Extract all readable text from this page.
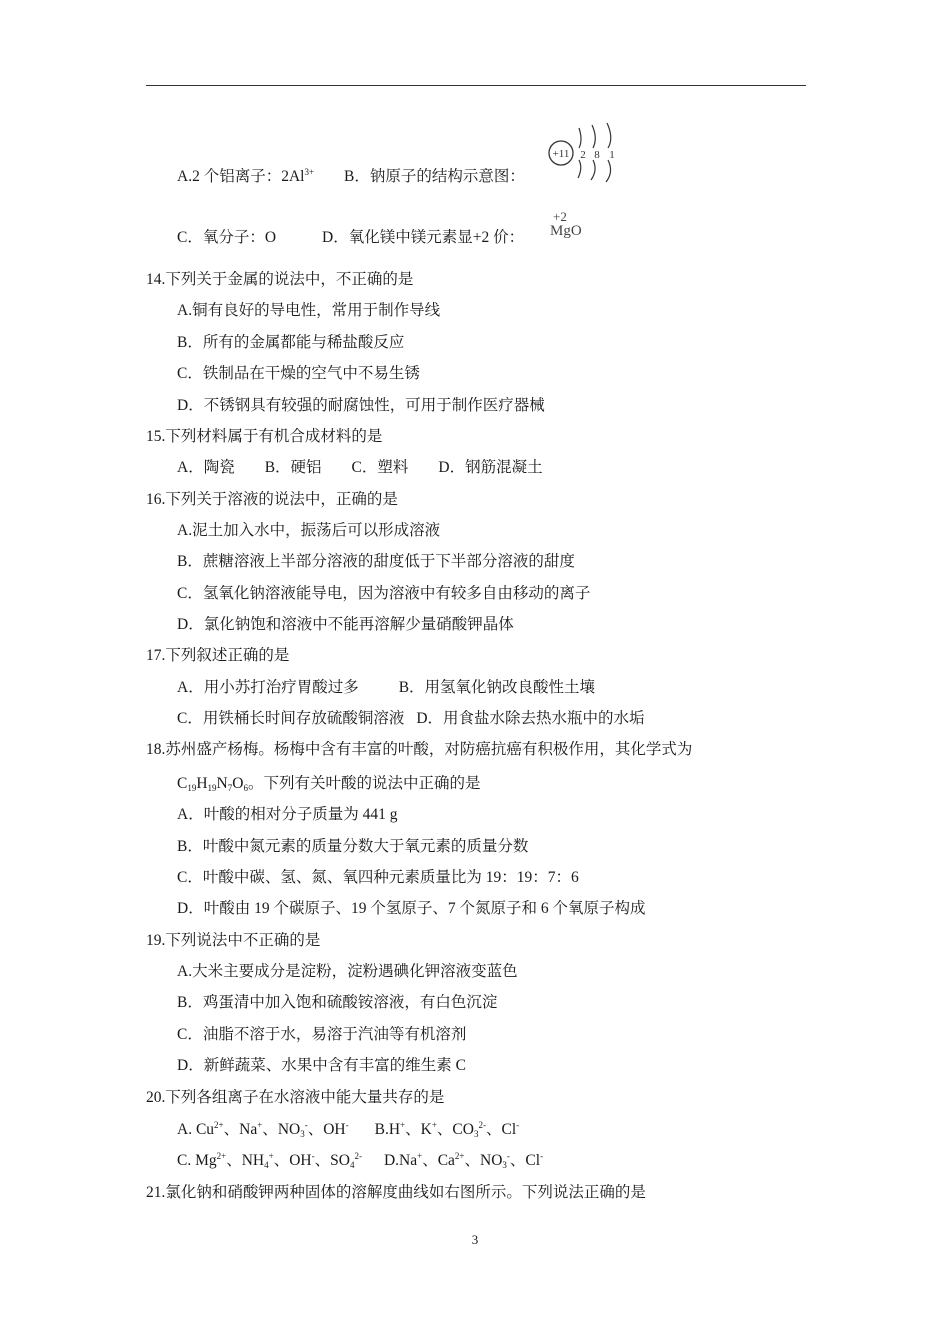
A.2 个铝离子：$2Al^{3+}$ B．钠原子的结构示意图：
+11 2 8 1
C．氧分子：O	D．氧化镁中镁元素显+2 价：
+2
MgO
14.下列关于金属的说法中，不正确的是
A.铜有良好的导电性，常用于制作导线
B．所有的金属都能与稀盐酸反应
C．铁制品在干燥的空气中不易生锈
D．不锈钢具有较强的耐腐蚀性，可用于制作医疗器械
15.下列材料属于有机合成材料的是
A．陶瓷 B．硬铝 C．塑料 D．钢筋混凝土
16.下列关于溶液的说法中，正确的是
A.泥土加入水中，振荡后可以形成溶液
B．蔗糖溶液上半部分溶液的甜度低于下半部分溶液的甜度
C．氢氧化钠溶液能导电，因为溶液中有较多自由移动的离子
D．氯化钠饱和溶液中不能再溶解少量硝酸钾晶体
17.下列叙述正确的是
A．用小苏打治疗胃酸过多	B．用氢氧化钠改良酸性土壤
C．用铁桶长时间存放硫酸铜溶液 D．用食盐水除去热水瓶中的水垢
18.苏州盛产杨梅。杨梅中含有丰富的叶酸，对防癌抗癌有积极作用，其化学式为
$C_{19}H_{19}N_7O_6$。下列有关叶酸的说法中正确的是
A．叶酸的相对分子质量为 441 g
B．叶酸中氮元素的质量分数大于氧元素的质量分数
C．叶酸中碳、氢、氮、氧四种元素质量比为 19：19：7：6
D．叶酸由 19 个碳原子、19 个氢原子、7 个氮原子和 6 个氧原子构成
19.下列说法中不正确的是
A.大米主要成分是淀粉，淀粉遇碘化钾溶液变蓝色
B．鸡蛋清中加入饱和硫酸铵溶液，有白色沉淀
C．油脂不溶于水，易溶于汽油等有机溶剂
D．新鲜蔬菜、水果中含有丰富的维生素 C
20.下列各组离子在水溶液中能大量共存的是
A. $Cu^{2+}$、Na+、$NO_3^-$、OH- B.H+、K+、$CO_3^{2-}$、Cl-
C. $Mg^{2+}$、$NH_4^+$、OH-、$SO_4^{2-}$ D.Na+、$Ca^{2+}$、$NO_3^-$、Cl-
21.氯化钠和硝酸钾两种固体的溶解度曲线如右图所示。下列说法正确的是
3
